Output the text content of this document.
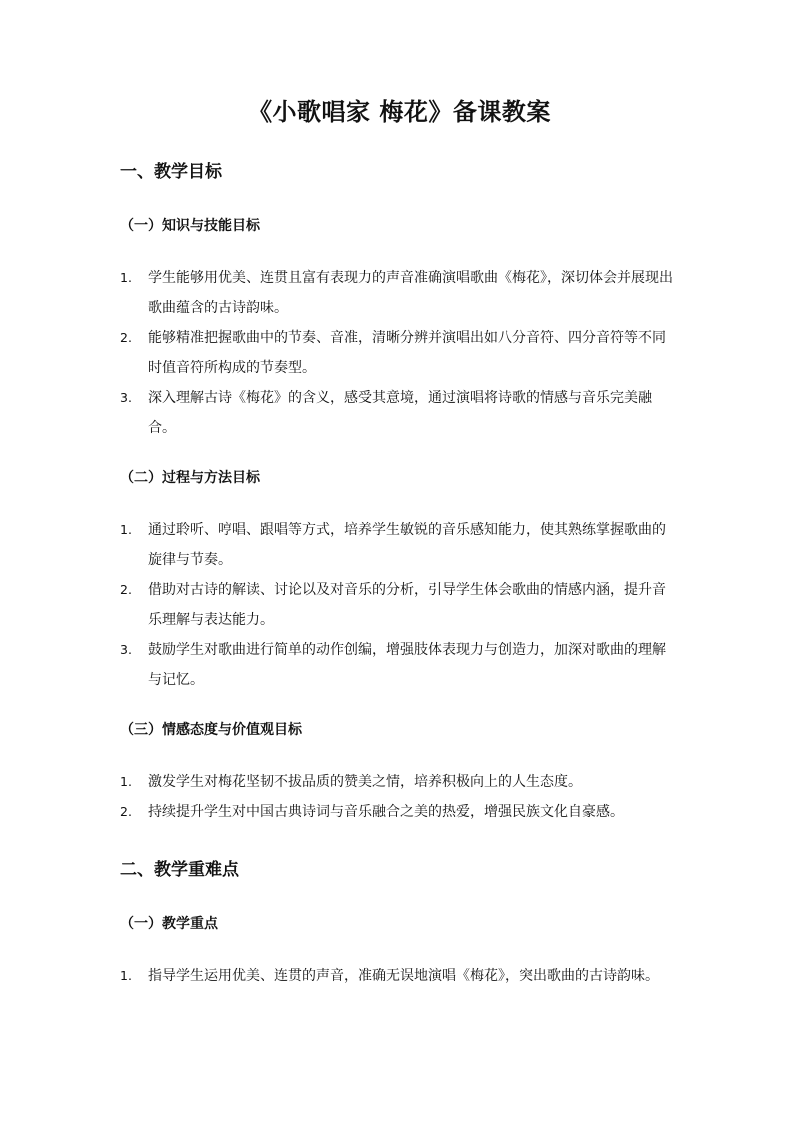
《小歌唱家 梅花》备课教案
一、教学目标
（一）知识与技能目标
1. 学生能够用优美、连贯且富有表现力的声音准确演唱歌曲《梅花》，深切体会并展现出歌曲蕴含的古诗韵味。
2. 能够精准把握歌曲中的节奏、音准，清晰分辨并演唱出如八分音符、四分音符等不同时值音符所构成的节奏型。
3. 深入理解古诗《梅花》的含义，感受其意境，通过演唱将诗歌的情感与音乐完美融合。
（二）过程与方法目标
1. 通过聆听、哼唱、跟唱等方式，培养学生敏锐的音乐感知能力，使其熟练掌握歌曲的旋律与节奏。
2. 借助对古诗的解读、讨论以及对音乐的分析，引导学生体会歌曲的情感内涵，提升音乐理解与表达能力。
3. 鼓励学生对歌曲进行简单的动作创编，增强肢体表现力与创造力，加深对歌曲的理解与记忆。
（三）情感态度与价值观目标
1. 激发学生对梅花坚韧不拔品质的赞美之情，培养积极向上的人生态度。
2. 持续提升学生对中国古典诗词与音乐融合之美的热爱，增强民族文化自豪感。
二、教学重难点
（一）教学重点
1. 指导学生运用优美、连贯的声音，准确无误地演唱《梅花》，突出歌曲的古诗韵味。
